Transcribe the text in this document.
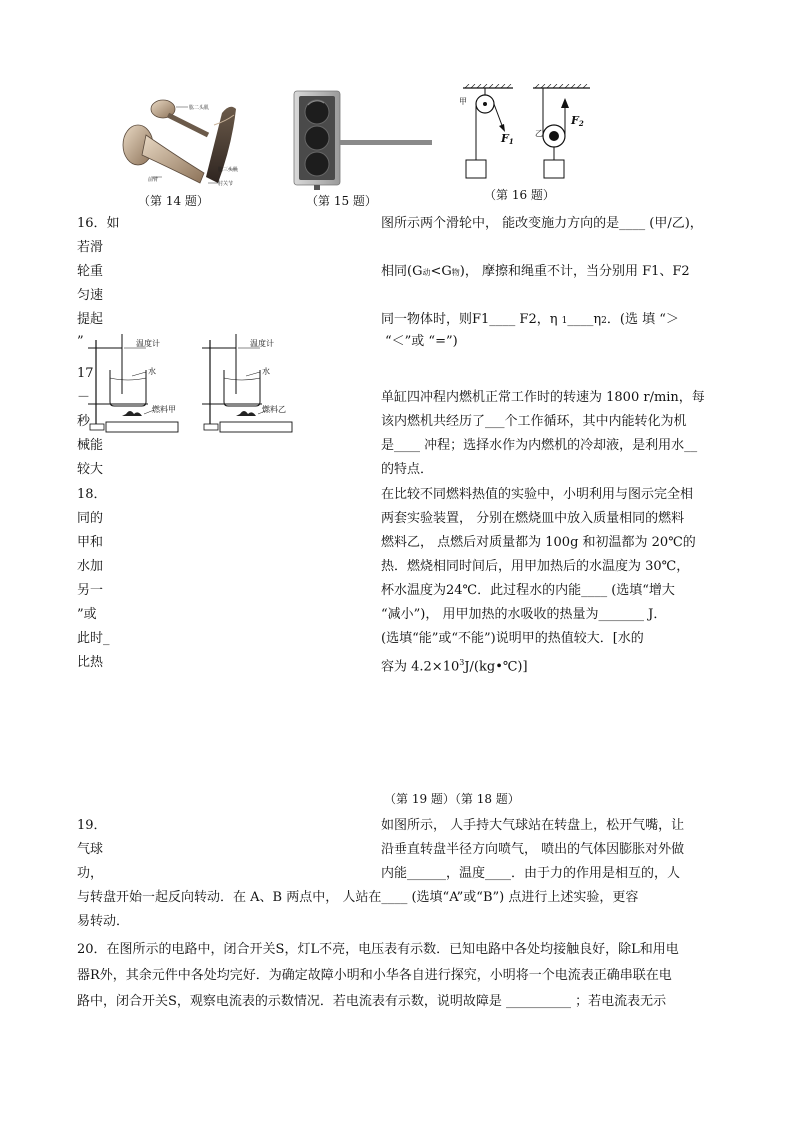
肱二头肌
肱三头肌
前臂
肘关节
（第 14 题）	（第 15 题）
甲
乙
F1
F2
（第 16 题）
温度计
水
燃料甲
温度计
水
燃料乙
16．如	图所示两个滑轮中， 能改变施力方向的是____ (甲/乙)，
若滑
轮重	相同(G动<G物)， 摩擦和绳重不计，当分别用 F1、F2
匀速
提起	同一物体时，则F1____ F2，η 1____η2．(选 填 “＞
”	“＜”或 “=”)
17
－	单缸四冲程内燃机正常工作时的转速为 1800 r/min，每
秒	该内燃机共经历了___个工作循环，其中内能转化为机
械能	是____ 冲程；选择水作为内燃机的冷却液，是利用水__
较大	的特点．
18．	在比较不同燃料热值的实验中，小明利用与图示完全相
同的	两套实验装置， 分别在燃烧皿中放入质量相同的燃料
甲和	燃料乙， 点燃后对质量都为 100g 和初温都为 20℃的
水加	热．燃烧相同时间后，用甲加热后的水温度为 30℃，
另一	杯水温度为24℃．此过程水的内能____ (选填“增大
”或	“减小”)， 用甲加热的水吸收的热量为_______ J．
此时_	(选填“能”或“不能”)说明甲的热值较大．[水的
比热	容为 $4.2\times 10^3J/(kg•℃)$]
（第 19 题）（第 18 题）
19．	如图所示， 人手持大气球站在转盘上，松开气嘴，让
气球	沿垂直转盘半径方向喷气， 喷出的气体因膨胀对外做
功，	内能______，温度____．由于力的作用是相互的，人
与转盘开始一起反向转动．在 A、B 两点中， 人站在____ (选填“A”或“B”) 点进行上述实验，更容
易转动．
20．在图所示的电路中，闭合开关S，灯L不亮，电压表有示数．已知电路中各处均接触良好，除L和用电
器R外，其余元件中各处均完好．为确定故障小明和小华各自进行探究，小明将一个电流表正确串联在电
路中，闭合开关S，观察电流表的示数情况．若电流表有示数，说明故障是 __________ ；若电流表无示
